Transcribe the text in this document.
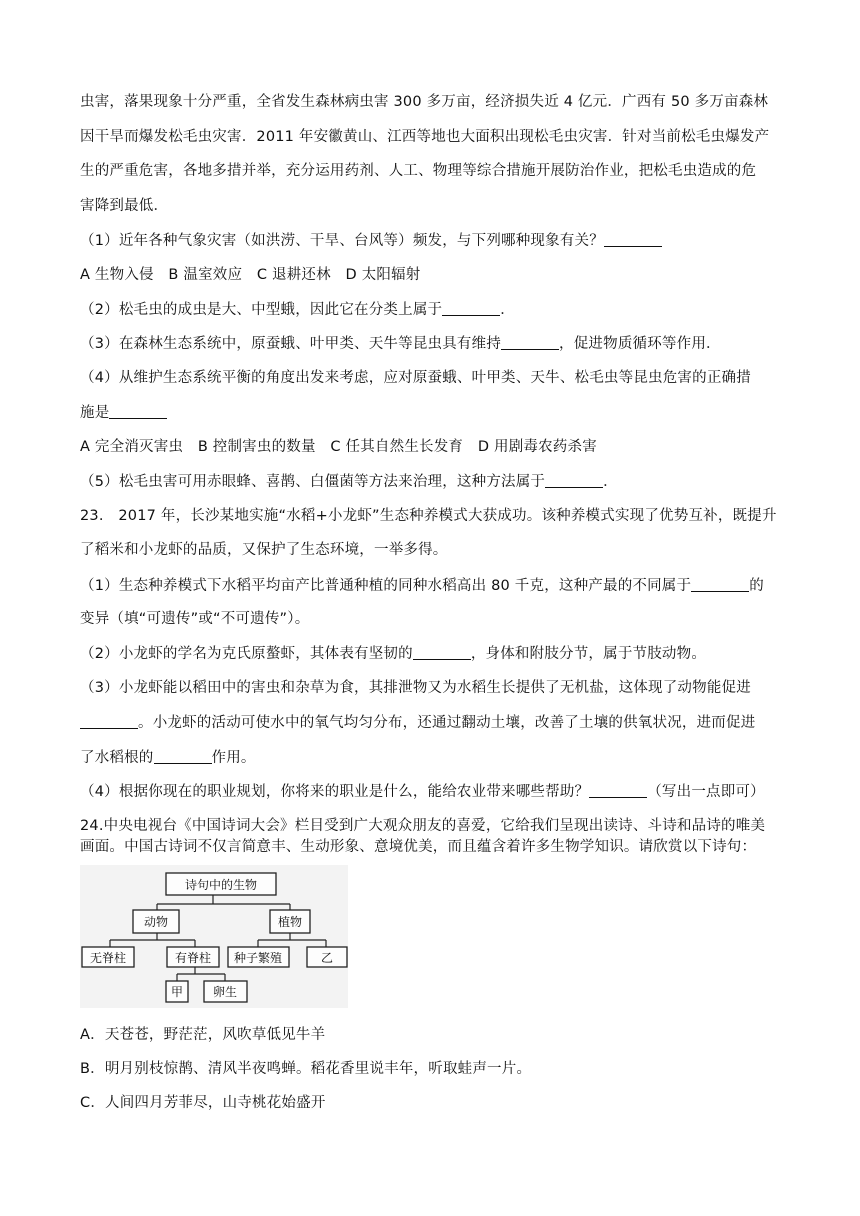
虫害，落果现象十分严重，全省发生森林病虫害 300 多万亩，经济损失近 4 亿元．广西有 50 多万亩森林
因干旱而爆发松毛虫灾害．2011 年安徽黄山、江西等地也大面积出现松毛虫灾害．针对当前松毛虫爆发产
生的严重危害，各地多措并举，充分运用药剂、人工、物理等综合措施开展防治作业，把松毛虫造成的危
害降到最低．
（1）近年各种气象灾害（如洪涝、干旱、台风等）频发，与下列哪种现象有关？
A 生物入侵　B 温室效应　C 退耕还林　D 太阳辐射
（2）松毛虫的成虫是大、中型蛾，因此它在分类上属于	．
（3）在森林生态系统中，原蚕蛾、叶甲类、天牛等昆虫具有维持	，促进物质循环等作用．
（4）从维护生态系统平衡的角度出发来考虑，应对原蚕蛾、叶甲类、天牛、松毛虫等昆虫危害的正确措
施是
A 完全消灭害虫　B 控制害虫的数量　C 任其自然生长发育　D 用剧毒农药杀害
（5）松毛虫害可用赤眼蜂、喜鹊、白僵菌等方法来治理，这种方法属于	．
23.　2017 年，长沙某地实施“水稻+小龙虾”生态种养模式大获成功。该种养模式实现了优势互补，既提升
了稻米和小龙虾的品质，又保护了生态环境，一举多得。
（1）生态种养模式下水稻平均亩产比普通种植的同种水稻高出 80 千克，这种产最的不同属于	的
变异（填“可遗传”或“不可遗传”）。
（2）小龙虾的学名为克氏原螯虾，其体表有坚韧的	，身体和附肢分节，属于节肢动物。
（3）小龙虾能以稻田中的害虫和杂草为食，其排泄物又为水稻生长提供了无机盐，这体现了动物能促进
。小龙虾的活动可使水中的氧气均匀分布，还通过翻动土壤，改善了土壤的供氧状况，进而促进
了水稻根的	作用。
（4）根据你现在的职业规划，你将来的职业是什么，能给农业带来哪些帮助？	（写出一点即可）
24.中央电视台《中国诗词大会》栏目受到广大观众朋友的喜爱，它给我们呈现出读诗、斗诗和品诗的唯美
画面。中国古诗词不仅言简意丰、生动形象、意境优美，而且蕴含着许多生物学知识。请欣赏以下诗句：
诗句中的生物
动物	植物
无脊柱	有脊柱 种子繁殖	乙
甲 卵生
A．天苍苍，野茫茫，风吹草低见牛羊
B．明月别枝惊鹊、清风半夜鸣蝉。稻花香里说丰年，听取蛙声一片。
C．人间四月芳菲尽，山寺桃花始盛开
